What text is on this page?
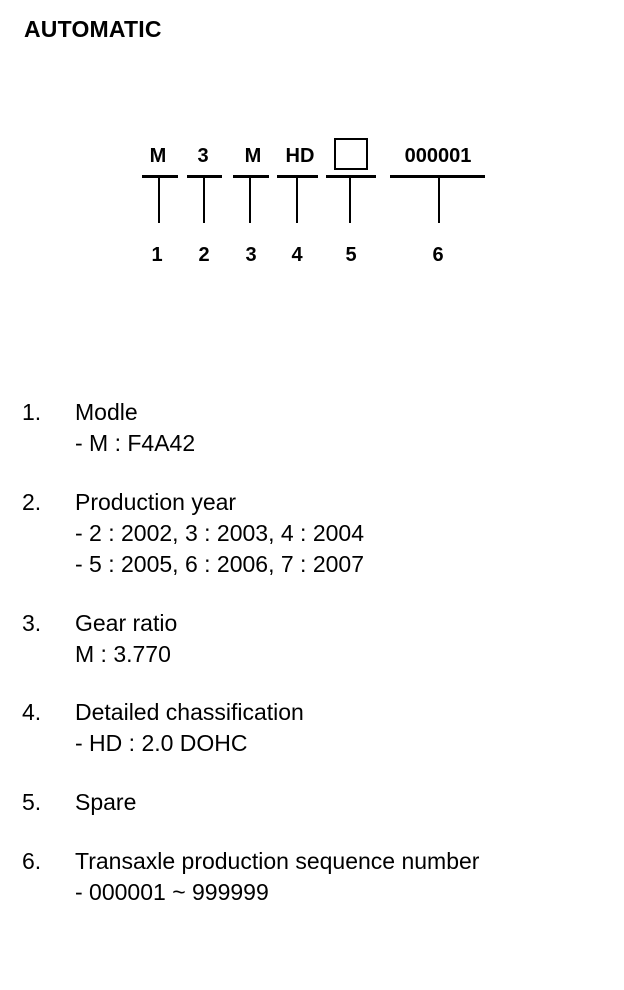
AUTOMATIC
M 3 M HD	000001
1 2 3 4 5	6
1. Modle
- M : F4A42
2. Production year
- 2 : 2002, 3 : 2003, 4 : 2004
- 5 : 2005, 6 : 2006, 7 : 2007
3. Gear ratio
M : 3.770
4. Detailed chassification
- HD : 2.0 DOHC
5. Spare
6. Transaxle production sequence number
- 000001 ~ 999999
